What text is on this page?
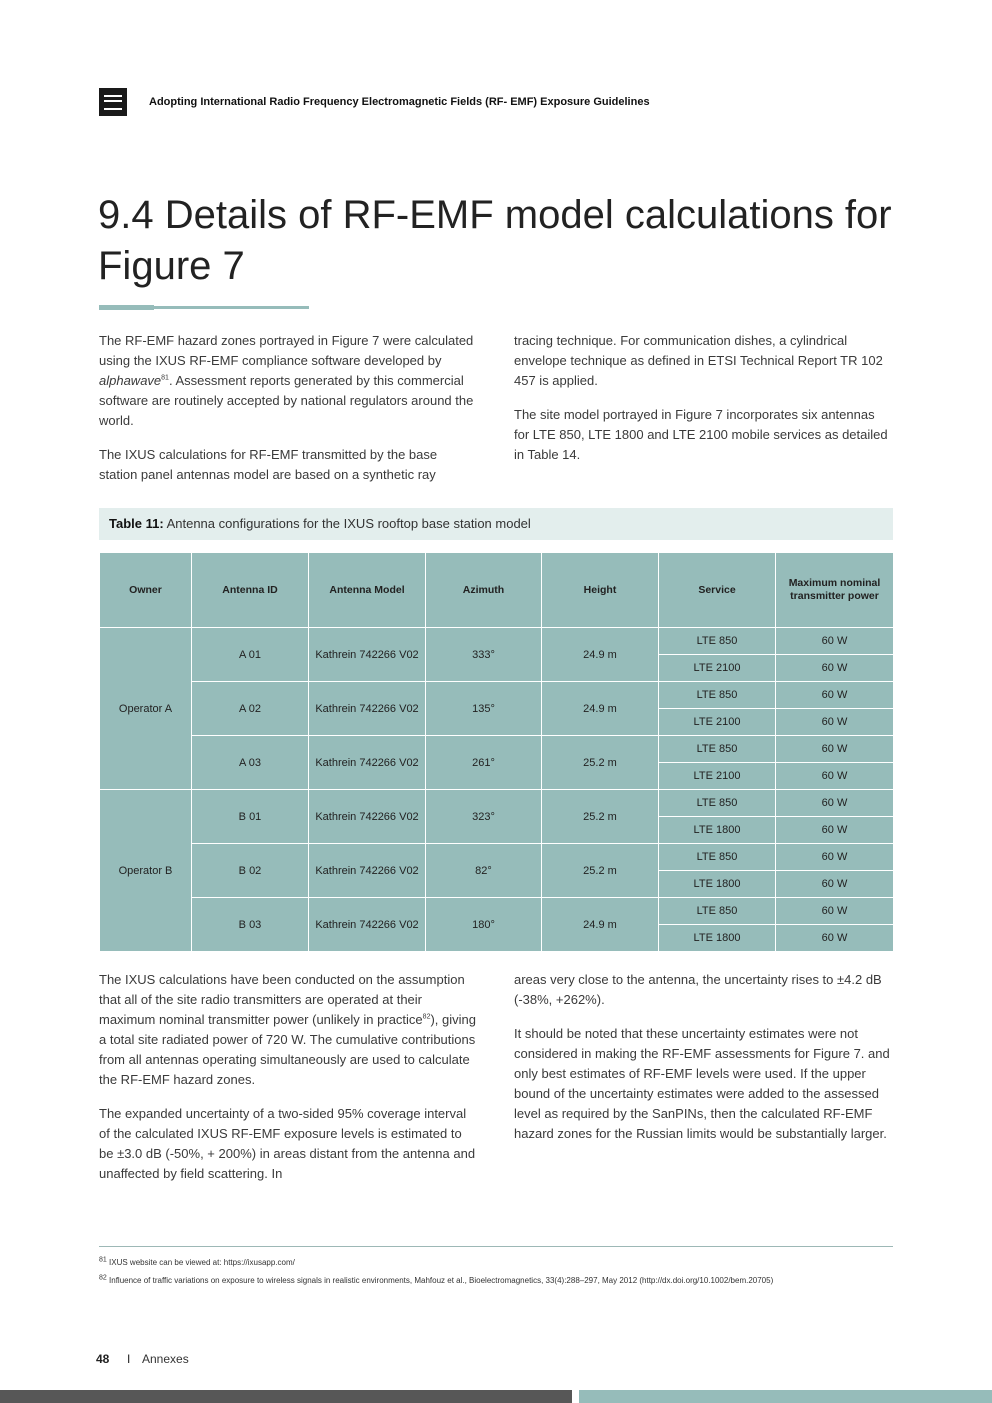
Adopting International Radio Frequency Electromagnetic Fields (RF- EMF) Exposure Guidelines
9.4 Details of RF-EMF model calculations for Figure 7

The RF-EMF hazard zones portrayed in Figure 7 were calculated using the IXUS RF-EMF compliance software developed by alphawave$^{81}$. Assessment reports generated by this commercial software are routinely accepted by national regulators around the world.

The IXUS calculations for RF-EMF transmitted by the base station panel antennas model are based on a synthetic ray

tracing technique. For communication dishes, a cylindrical envelope technique as defined in ETSI Technical Report TR 102 457 is applied.

The site model portrayed in Figure 7 incorporates six antennas for LTE 850, LTE 1800 and LTE 2100 mobile services as detailed in Table 14.

Table 11: Antenna configurations for the IXUS rooftop base station model
Owner	Antenna ID	Antenna Model	Azimuth	Height	Service	Maximum nominal transmitter power
Operator A	A 01	Kathrein 742266 V02	333°	24.9 m	LTE 850	60 W
					LTE 2100	60 W
	A 02	Kathrein 742266 V02	135°	24.9 m	LTE 850	60 W
					LTE 2100	60 W
	A 03	Kathrein 742266 V02	261°	25.2 m	LTE 850	60 W
					LTE 2100	60 W
Operator B	B 01	Kathrein 742266 V02	323°	25.2 m	LTE 850	60 W
					LTE 1800	60 W
	B 02	Kathrein 742266 V02	82°	25.2 m	LTE 850	60 W
					LTE 1800	60 W
	B 03	Kathrein 742266 V02	180°	24.9 m	LTE 850	60 W
					LTE 1800	60 W

The IXUS calculations have been conducted on the assumption that all of the site radio transmitters are operated at their maximum nominal transmitter power (unlikely in practice$^{82}$), giving a total site radiated power of 720 W. The cumulative contributions from all antennas operating simultaneously are used to calculate the RF-EMF hazard zones.

The expanded uncertainty of a two-sided 95% coverage interval of the calculated IXUS RF-EMF exposure levels is estimated to be ±3.0 dB (-50%, + 200%) in areas distant from the antenna and unaffected by field scattering. In

areas very close to the antenna, the uncertainty rises to ±4.2 dB (-38%, +262%).

It should be noted that these uncertainty estimates were not considered in making the RF-EMF assessments for Figure 7. and only best estimates of RF-EMF levels were used. If the upper bound of the uncertainty estimates were added to the assessed level as required by the SanPINs, then the calculated RF-EMF hazard zones for the Russian limits would be substantially larger.

$^{81}$ IXUS website can be viewed at: https://ixusapp.com/
$^{82}$ Influence of traffic variations on exposure to wireless signals in realistic environments, Mahfouz et al., Bioelectromagnetics, 33(4):288–297, May 2012 (http://dx.doi.org/10.1002/bem.20705)
48 I Annexes
